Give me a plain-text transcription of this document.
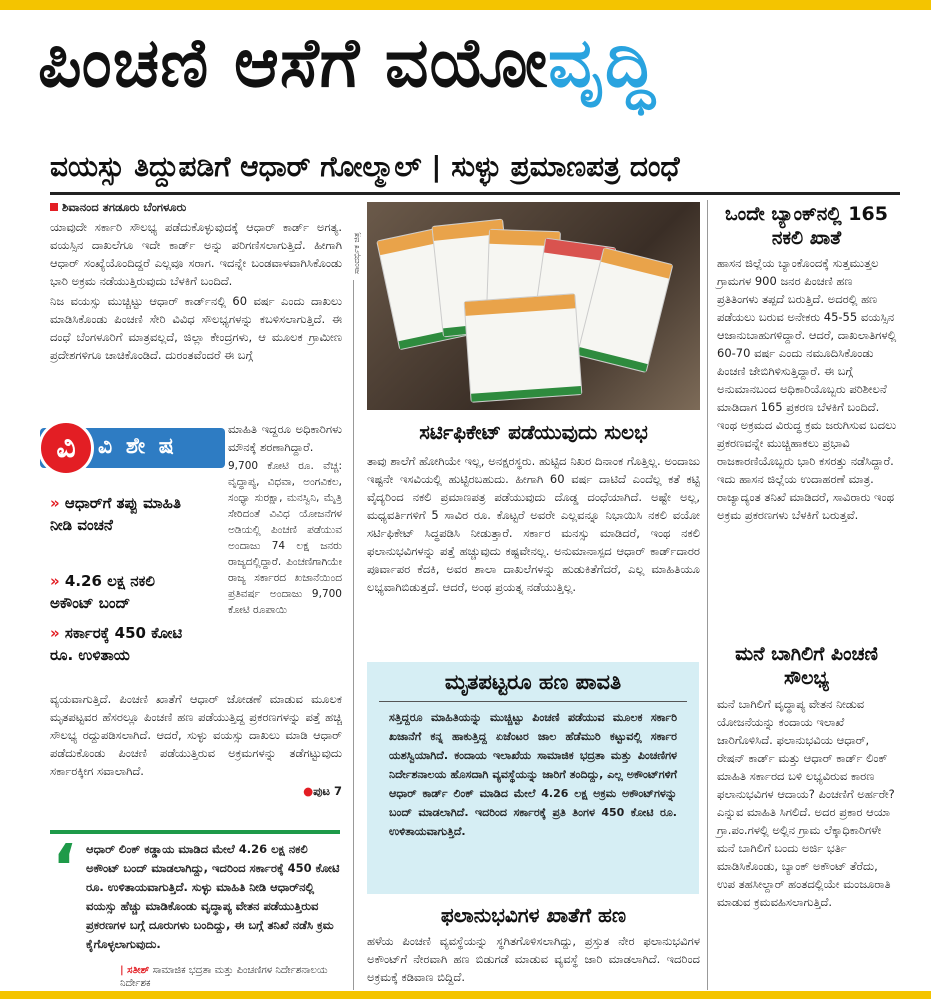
ಪಿಂಚಣಿ ಆಸೆಗೆ ವಯೋವೃದ್ಧಿ
ವಯಸ್ಸು ತಿದ್ದುಪಡಿಗೆ ಆಧಾರ್ ಗೋಲ್ಮಾಲ್ | ಸುಳ್ಳು ಪ್ರಮಾಣಪತ್ರ ದಂಧೆ

ಶಿವಾನಂದ ತಗಡೂರು ಬೆಂಗಳೂರು

ಯಾವುದೇ ಸರ್ಕಾರಿ ಸೌಲಭ್ಯ ಪಡೆದುಕೊಳ್ಳುವುದಕ್ಕೆ ಆಧಾರ್ ಕಾರ್ಡ್ ಅಗತ್ಯ. ವಯಸ್ಸಿನ ದಾಖಲೆಗೂ ಇದೇ ಕಾರ್ಡ್ ಅನ್ನು ಪರಿಗಣಿಸಲಾಗುತ್ತಿದೆ. ಹೀಗಾಗಿ ಆಧಾರ್ ಸಂಖ್ಯೆಯೊಂದಿದ್ದರೆ ಎಲ್ಲವೂ ಸರಾಗ. ಇದನ್ನೇ ಬಂಡವಾಳವಾಗಿಸಿಕೊಂಡು ಭಾರಿ ಅಕ್ರಮ ನಡೆಯುತ್ತಿರುವುದು ಬೆಳಕಿಗೆ ಬಂದಿದೆ.

ನಿಜ ವಯಸ್ಸು ಮುಚ್ಚಿಟ್ಟು ಆಧಾರ್ ಕಾರ್ಡ್‌ನಲ್ಲಿ 60 ವರ್ಷ ಎಂದು ದಾಖಲು ಮಾಡಿಸಿಕೊಂಡು ಪಿಂಚಣಿ ಸೇರಿ ವಿವಿಧ ಸೌಲಭ್ಯಗಳನ್ನು ಕಬಳಿಸಲಾಗುತ್ತಿದೆ. ಈ ದಂಧೆ ಬೆಂಗಳೂರಿಗೆ ಮಾತ್ರವಲ್ಲದೆ, ಜಿಲ್ಲಾ ಕೇಂದ್ರಗಳು, ಆ ಮೂಲಕ ಗ್ರಾಮೀಣ ಪ್ರದೇಶಗಳಿಗೂ ಚಾಚಿಕೊಂಡಿದೆ. ದುರಂತವೆಂದರೆ ಈ ಬಗ್ಗೆ

ಮಾಹಿತಿ ಇದ್ದರೂ ಅಧಿಕಾರಿಗಳು ಮೌನಕ್ಕೆ ಶರಣಾಗಿದ್ದಾರೆ.

9,700 ಕೋಟಿ ರೂ. ವೆಚ್ಚ: ವೃದ್ಧಾಪ್ಯ, ವಿಧವಾ, ಅಂಗವಿಕಲ, ಸಂಧ್ಯಾ ಸುರಕ್ಷಾ, ಮನಸ್ವಿನಿ, ಮೈತ್ರಿ ಸೇರಿದಂತೆ ವಿವಿಧ ಯೋಜನೆಗಳ ಅಡಿಯಲ್ಲಿ ಪಿಂಚಣಿ ಪಡೆಯುವ ಅಂದಾಜು 74 ಲಕ್ಷ ಜನರು ರಾಜ್ಯದಲ್ಲಿದ್ದಾರೆ. ಪಿಂಚಣಿಗಾಗಿಯೇ ರಾಜ್ಯ ಸರ್ಕಾರದ ಖಜಾನೆಯಿಂದ ಪ್ರತಿವರ್ಷ ಅಂದಾಜು 9,700 ಕೋಟಿ ರೂಪಾಯಿ

ವಿ	ವಿ ಶೇ ಷ
» ಆಧಾರ್‌ಗೆ ತಪ್ಪು ಮಾಹಿತಿ ನೀಡಿ ವಂಚನೆ
» 4.26 ಲಕ್ಷ ನಕಲಿ ಅಕೌಂಟ್ ಬಂದ್
» ಸರ್ಕಾರಕ್ಕೆ 450 ಕೋಟಿ ರೂ. ಉಳಿತಾಯ

ವ್ಯಯವಾಗುತ್ತಿದೆ. ಪಿಂಚಣಿ ಖಾತೆಗೆ ಆಧಾರ್ ಜೋಡಣೆ ಮಾಡುವ ಮೂಲಕ ಮೃತಪಟ್ಟವರ ಹೆಸರಲ್ಲೂ ಪಿಂಚಣಿ ಹಣ ಪಡೆಯುತ್ತಿದ್ದ ಪ್ರಕರಣಗಳನ್ನು ಪತ್ತೆ ಹಚ್ಚಿ ಸೌಲಭ್ಯ ರದ್ದುಪಡಿಸಲಾಗಿದೆ. ಆದರೆ, ಸುಳ್ಳು ವಯಸ್ಸು ದಾಖಲು ಮಾಡಿ ಆಧಾರ್ ಪಡೆದುಕೊಂಡು ಪಿಂಚಣಿ ಪಡೆಯುತ್ತಿರುವ ಅಕ್ರಮಗಳನ್ನು ತಡೆಗಟ್ಟುವುದು ಸರ್ಕಾರಕ್ಕೀಗ ಸವಾಲಾಗಿದೆ.

●ಪುಟ 7

‘ ಆಧಾರ್ ಲಿಂಕ್ ಕಡ್ಡಾಯ ಮಾಡಿದ ಮೇಲೆ 4.26 ಲಕ್ಷ ನಕಲಿ ಅಕೌಂಟ್ ಬಂದ್ ಮಾಡಲಾಗಿದ್ದು, ಇದರಿಂದ ಸರ್ಕಾರಕ್ಕೆ 450 ಕೋಟಿ ರೂ. ಉಳಿತಾಯವಾಗುತ್ತಿದೆ. ಸುಳ್ಳು ಮಾಹಿತಿ ನೀಡಿ ಆಧಾರ್‌ನಲ್ಲಿ ವಯಸ್ಸು ಹೆಚ್ಚು ಮಾಡಿಕೊಂಡು ವೃದ್ಧಾಪ್ಯ ವೇತನ ಪಡೆಯುತ್ತಿರುವ ಪ್ರಕರಣಗಳ ಬಗ್ಗೆ ದೂರುಗಳು ಬಂದಿದ್ದು, ಈ ಬಗ್ಗೆ ತನಿಖೆ ನಡೆಸಿ ಕ್ರಮ ಕೈಗೊಳ್ಳಲಾಗುವುದು.
| ಸತೀಶ್ ಸಾಮಾಜಿಕ ಭದ್ರತಾ ಮತ್ತು ಪಿಂಚಣಿಗಳ ನಿರ್ದೇಶನಾಲಯ ನಿರ್ದೇಶಕ
ಸಾಂದರ್ಭಿಕ ಚಿತ್ರ
ಸರ್ಟಿಫಿಕೇಟ್ ಪಡೆಯುವುದು ಸುಲಭ
ತಾವು ಶಾಲೆಗೆ ಹೋಗಿಯೇ ಇಲ್ಲ, ಅನಕ್ಷರಸ್ಥರು. ಹುಟ್ಟಿದ ನಿಖರ ದಿನಾಂಕ ಗೊತ್ತಿಲ್ಲ. ಅಂದಾಜು ಇಷ್ಟನೇ ಇಸವಿಯಲ್ಲಿ ಹುಟ್ಟಿರಬಹುದು. ಹೀಗಾಗಿ 60 ವರ್ಷ ದಾಟಿದೆ ಎಂದೆಲ್ಲ ಕತೆ ಕಟ್ಟಿ ವೈದ್ಯರಿಂದ ನಕಲಿ ಪ್ರಮಾಣಪತ್ರ ಪಡೆಯುವುದು ದೊಡ್ಡ ದಂಧೆಯಾಗಿದೆ. ಅಷ್ಟೇ ಅಲ್ಲ, ಮಧ್ಯವರ್ತಿಗಳಿಗೆ 5 ಸಾವಿರ ರೂ. ಕೊಟ್ಟರೆ ಅವರೇ ಎಲ್ಲವನ್ನೂ ನಿಭಾಯಿಸಿ ನಕಲಿ ವಯೋ ಸರ್ಟಿಫಿಕೇಟ್ ಸಿದ್ಧಪಡಿಸಿ ನೀಡುತ್ತಾರೆ. ಸರ್ಕಾರ ಮನಸ್ಸು ಮಾಡಿದರೆ, ಇಂಥ ನಕಲಿ ಫಲಾನುಭವಿಗಳನ್ನು ಪತ್ತೆ ಹಚ್ಚುವುದು ಕಷ್ಟವೇನಲ್ಲ. ಅನುಮಾನಾಸ್ಪದ ಆಧಾರ್ ಕಾರ್ಡ್‌ದಾರರ ಪೂರ್ವಾಪರ ಕೆದಕಿ, ಅವರ ಶಾಲಾ ದಾಖಲೆಗಳನ್ನು ಹುಡುಕಿತೆಗೆದರೆ, ಎಲ್ಲ ಮಾಹಿತಿಯೂ ಲಭ್ಯವಾಗಿಬಿಡುತ್ತದೆ. ಆದರೆ, ಅಂಥ ಪ್ರಯತ್ನ ನಡೆಯುತ್ತಿಲ್ಲ.
ಮೃತಪಟ್ಟರೂ ಹಣ ಪಾವತಿ
ಸತ್ತಿದ್ದರೂ ಮಾಹಿತಿಯನ್ನು ಮುಚ್ಚಿಟ್ಟು ಪಿಂಚಣಿ ಪಡೆಯುವ ಮೂಲಕ ಸರ್ಕಾರಿ ಖಜಾನೆಗೆ ಕನ್ನ ಹಾಕುತ್ತಿದ್ದ ಏಜೆಂಟರ ಜಾಲ ಹೆಡೆಮುರಿ ಕಟ್ಟುವಲ್ಲಿ ಸರ್ಕಾರ ಯಶಸ್ವಿಯಾಗಿದೆ. ಕಂದಾಯ ಇಲಾಖೆಯ ಸಾಮಾಜಿಕ ಭದ್ರತಾ ಮತ್ತು ಪಿಂಚಣಿಗಳ ನಿರ್ದೇಶನಾಲಯ ಹೊಸದಾಗಿ ವ್ಯವಸ್ಥೆಯನ್ನು ಜಾರಿಗೆ ತಂದಿದ್ದು, ಎಲ್ಲ ಅಕೌಂಟ್‌ಗಳಿಗೆ ಆಧಾರ್ ಕಾರ್ಡ್ ಲಿಂಕ್ ಮಾಡಿದ ಮೇಲೆ 4.26 ಲಕ್ಷ ಅಕ್ರಮ ಅಕೌಂಟ್‌ಗಳನ್ನು ಬಂದ್ ಮಾಡಲಾಗಿದೆ. ಇದರಿಂದ ಸರ್ಕಾರಕ್ಕೆ ಪ್ರತಿ ತಿಂಗಳ 450 ಕೋಟಿ ರೂ. ಉಳಿತಾಯವಾಗುತ್ತಿದೆ.
ಫಲಾನುಭವಿಗಳ ಖಾತೆಗೆ ಹಣ
ಹಳೆಯ ಪಿಂಚಣಿ ವ್ಯವಸ್ಥೆಯನ್ನು ಸ್ಥಗಿತಗೊಳಿಸಲಾಗಿದ್ದು, ಪ್ರಸ್ತುತ ನೇರ ಫಲಾನುಭವಿಗಳ ಅಕೌಂಟ್‌ಗೆ ನೇರವಾಗಿ ಹಣ ಬಿಡುಗಡೆ ಮಾಡುವ ವ್ಯವಸ್ಥೆ ಜಾರಿ ಮಾಡಲಾಗಿದೆ. ಇದರಿಂದ ಅಕ್ರಮಕ್ಕೆ ಕಡಿವಾಣ ಬಿದ್ದಿದೆ.
ಒಂದೇ ಬ್ಯಾಂಕ್‌ನಲ್ಲಿ 165 ನಕಲಿ ಖಾತೆ
ಹಾಸನ ಜಿಲ್ಲೆಯ ಬ್ಯಾಂಕೊಂದಕ್ಕೆ ಸುತ್ತಮುತ್ತಲ ಗ್ರಾಮಗಳ 900 ಜನರ ಪಿಂಚಣಿ ಹಣ ಪ್ರತಿತಿಂಗಳು ತಪ್ಪದೆ ಬರುತ್ತಿದೆ. ಅದರಲ್ಲಿ ಹಣ ಪಡೆಯಲು ಬರುವ ಅನೇಕರು 45-55 ವಯಸ್ಸಿನ ಆಜಾನುಬಾಹುಗಳಿದ್ದಾರೆ. ಆದರೆ, ದಾಖಲಾತಿಗಳಲ್ಲಿ 60-70 ವರ್ಷ ಎಂದು ನಮೂದಿಸಿಕೊಂಡು ಪಿಂಚಣಿ ಜೇಬಿಗಿಳಿಸುತ್ತಿದ್ದಾರೆ. ಈ ಬಗ್ಗೆ ಅನುಮಾನಬಂದ ಅಧಿಕಾರಿಯೊಬ್ಬರು ಪರಿಶೀಲನೆ ಮಾಡಿದಾಗ 165 ಪ್ರಕರಣ ಬೆಳಕಿಗೆ ಬಂದಿದೆ. ಇಂಥ ಅಕ್ರಮದ ವಿರುದ್ಧ ಕ್ರಮ ಜರುಗಿಸುವ ಬದಲು ಪ್ರಕರಣವನ್ನೇ ಮುಚ್ಚಿಹಾಕಲು ಪ್ರಭಾವಿ ರಾಜಕಾರಣಿಯೊಬ್ಬರು ಭಾರಿ ಕಸರತ್ತು ನಡೆಸಿದ್ದಾರೆ. ಇದು ಹಾಸನ ಜಿಲ್ಲೆಯ ಉದಾಹರಣೆ ಮಾತ್ರ. ರಾಜ್ಯಾದ್ಯಂತ ತನಿಖೆ ಮಾಡಿದರೆ, ಸಾವಿರಾರು ಇಂಥ ಅಕ್ರಮ ಪ್ರಕರಣಗಳು ಬೆಳಕಿಗೆ ಬರುತ್ತವೆ.
ಮನೆ ಬಾಗಿಲಿಗೆ ಪಿಂಚಣಿ ಸೌಲಭ್ಯ
ಮನೆ ಬಾಗಿಲಿಗೆ ವೃದ್ಧಾಪ್ಯ ವೇತನ ನೀಡುವ ಯೋಜನೆಯನ್ನು ಕಂದಾಯ ಇಲಾಖೆ ಜಾರಿಗೊಳಿಸಿದೆ. ಫಲಾನುಭವಿಯ ಆಧಾರ್, ರೇಷನ್ ಕಾರ್ಡ್ ಮತ್ತು ಆಧಾರ್ ಕಾರ್ಡ್ ಲಿಂಕ್ ಮಾಹಿತಿ ಸರ್ಕಾರದ ಬಳಿ ಲಭ್ಯವಿರುವ ಕಾರಣ ಫಲಾನುಭವಿಗಳ ಆದಾಯ? ಪಿಂಚಣಿಗೆ ಅರ್ಹರೇ? ಎನ್ನುವ ಮಾಹಿತಿ ಸಿಗಲಿದೆ. ಅದರ ಪ್ರಕಾರ ಆಯಾ ಗ್ರಾ.ಪಂ.ಗಳಲ್ಲಿ ಅಲ್ಲಿನ ಗ್ರಾಮ ಲೆಕ್ಕಾಧಿಕಾರಿಗಳೇ ಮನೆ ಬಾಗಿಲಿಗೆ ಬಂದು ಅರ್ಜಿ ಭರ್ತಿ ಮಾಡಿಸಿಕೊಂಡು, ಬ್ಯಾಂಕ್ ಅಕೌಂಟ್ ತೆರೆದು, ಉಪ ತಹಸೀಲ್ದಾರ್ ಹಂತದಲ್ಲಿಯೇ ಮಂಜೂರಾತಿ ಮಾಡುವ ಕ್ರಮವಹಿಸಲಾಗುತ್ತಿದೆ.
